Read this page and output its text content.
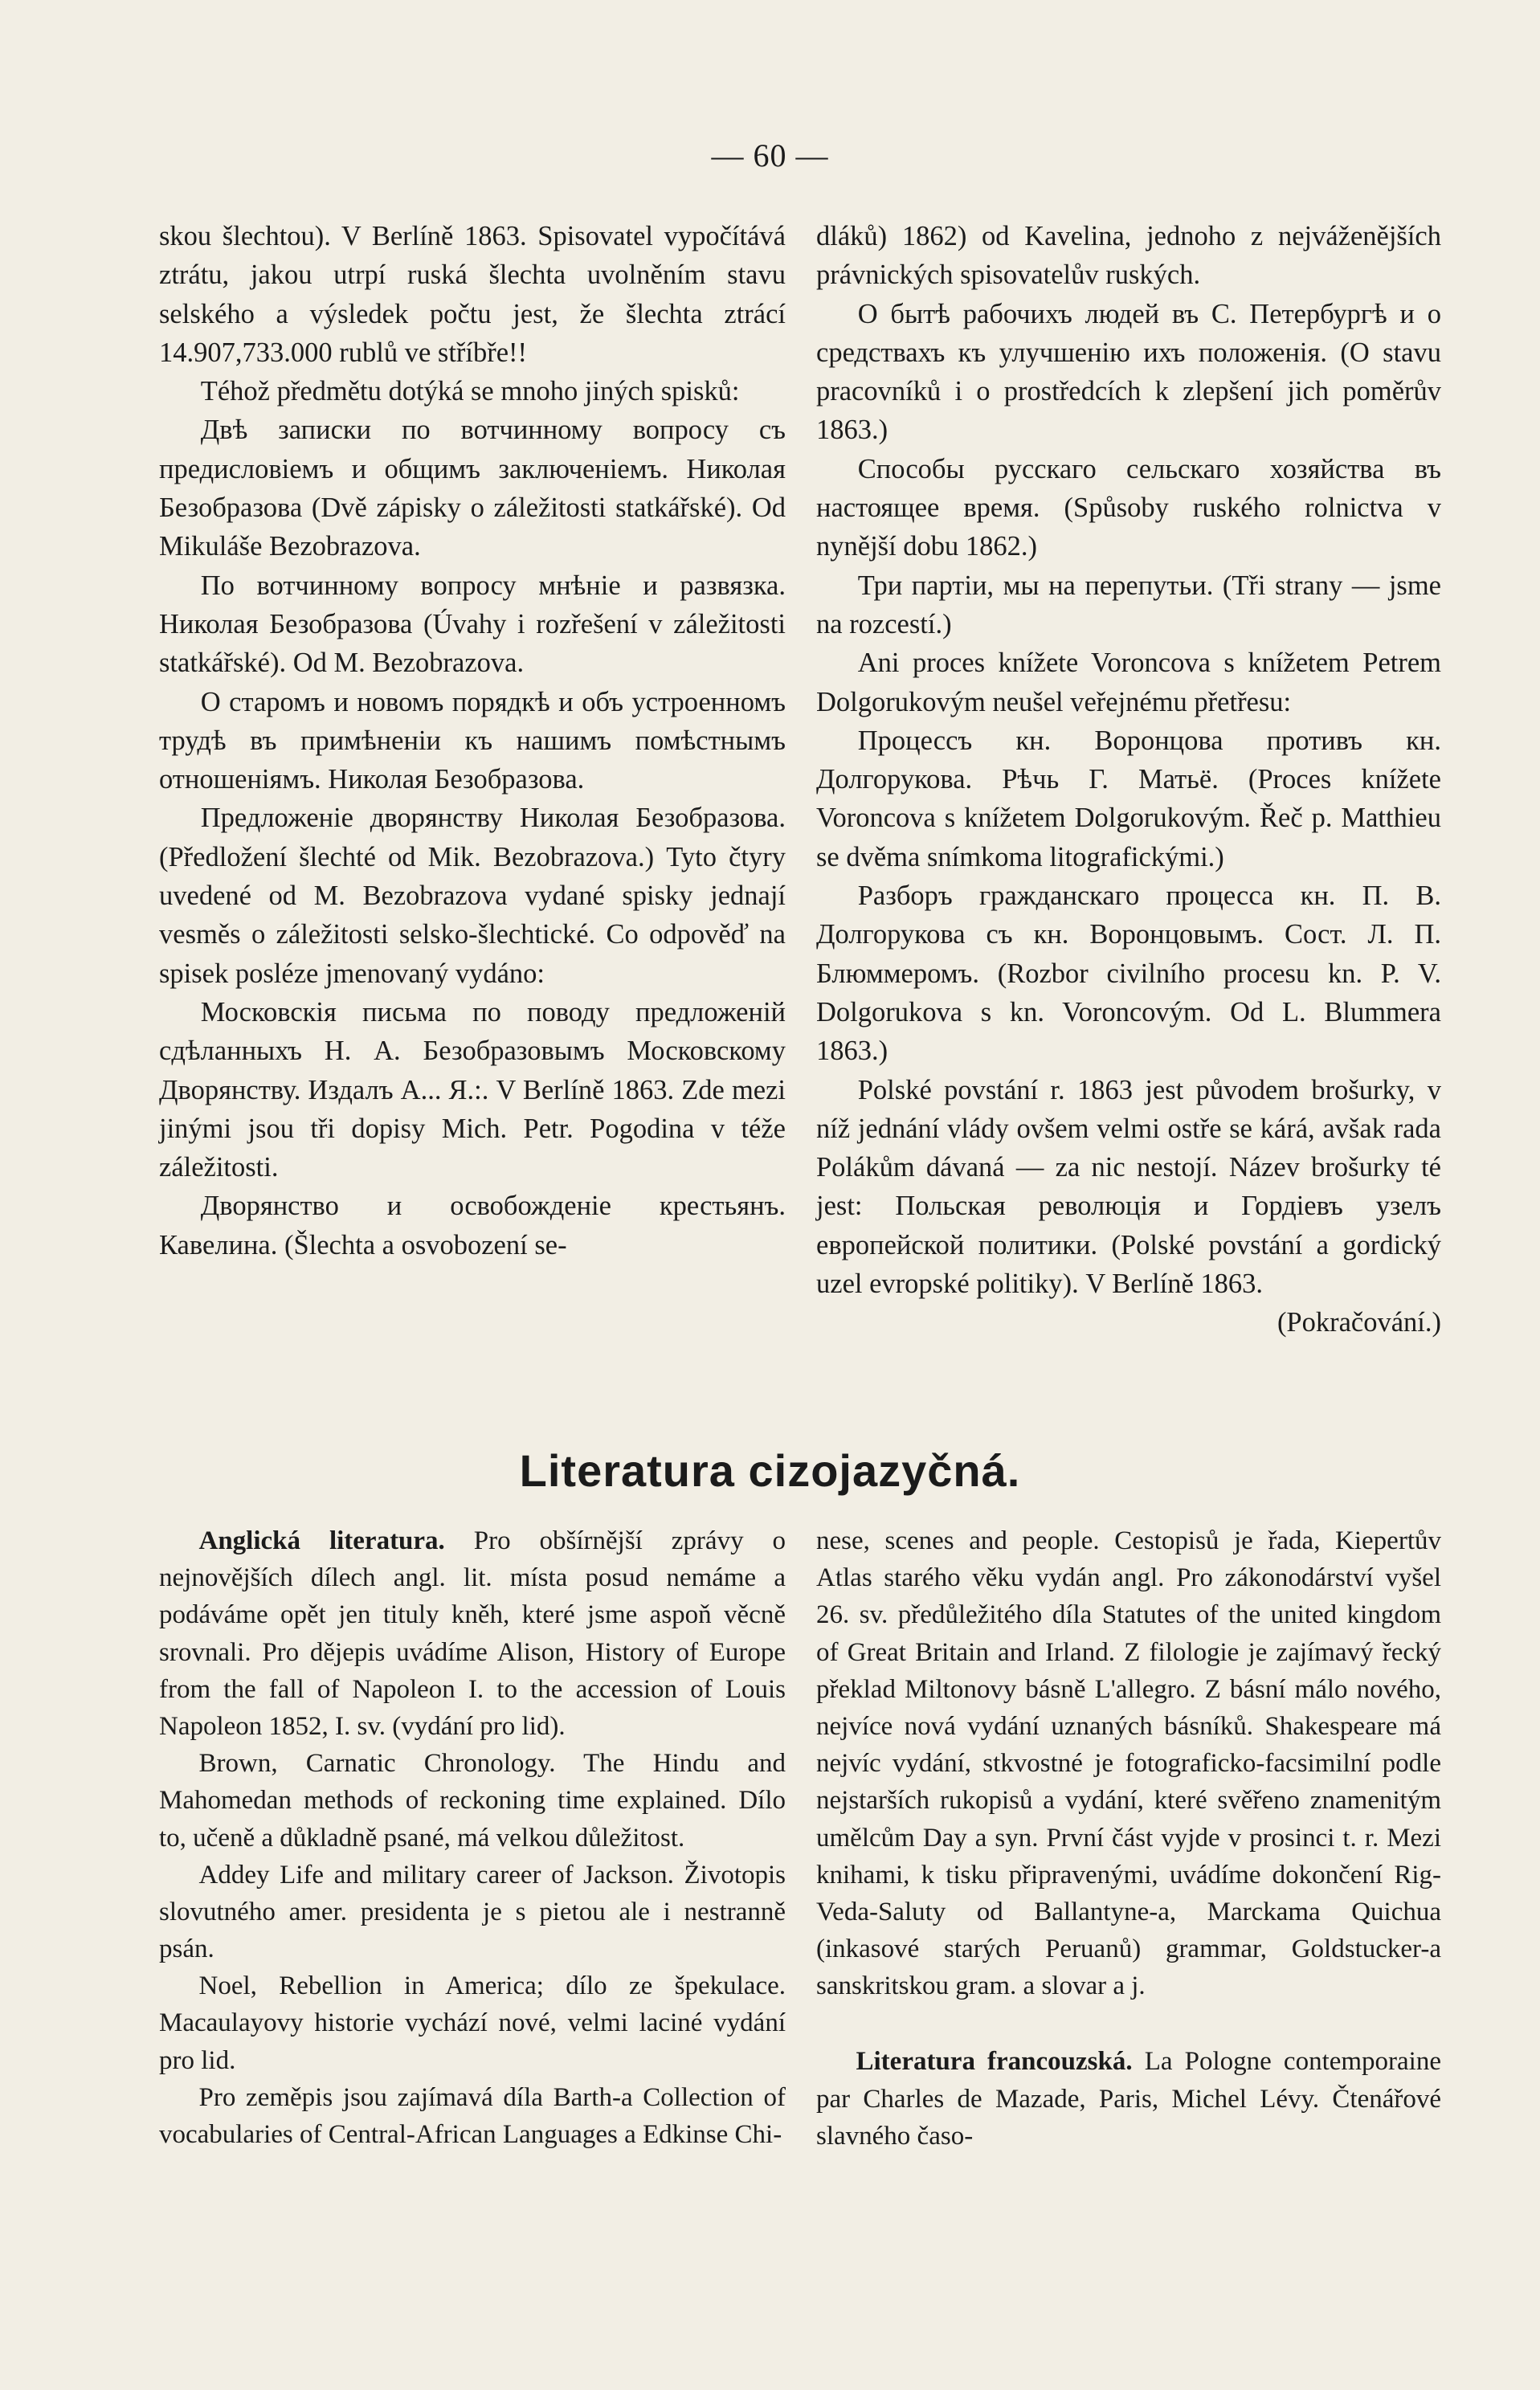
— 60 —

skou šlechtou). V Berlíně 1863. Spisovatel vypočítává ztrátu, jakou utrpí ruská šlechta uvolněním stavu selského a výsledek počtu jest, že šlechta ztrácí 14.907,733.000 rublů ve stříbře!!

Téhož předmětu dotýká se mnoho jiných spisků:

Двѣ записки по вотчинному вопросу съ предисловіемъ и общимъ заключеніемъ. Николая Безобразова (Dvě zápisky o záležitosti statkářské). Od Mikuláše Bezobrazova.

По вотчинному вопросу мнѣніе и развязка. Николая Безобразова (Úvahy i rozřešení v záležitosti statkářské). Od M. Bezobrazova.

О старомъ и новомъ порядкѣ и объ устроенномъ трудѣ въ примѣненіи къ нашимъ помѣстнымъ отношеніямъ. Николая Безобразова.

Предложеніе дворянству Николая Безобразова. (Předložení šlechté od Mik. Bezobrazova.) Tyto čtyry uvedené od M. Bezobrazova vydané spisky jednají vesměs o záležitosti selsko-šlechtické. Co odpověď na spisek posléze jmenovaný vydáno:

Московскія письма по поводу предложеній сдѣланныхъ Н. А. Безобразовымъ Московскому Дворянству. Издалъ А... Я.:. V Berlíně 1863. Zde mezi jinými jsou tři dopisy Mich. Petr. Pogodina v téže záležitosti.

Дворянство и освобожденіе крестьянъ. Кавелина. (Šlechta a osvobození se-

dláků) 1862) od Kavelina, jednoho z nejváženějších právnických spisovatelův ruských.

О бытѣ рабочихъ людей въ С. Петербургѣ и о средствахъ къ улучшенію ихъ положенія. (O stavu pracovníků i o prostředcích k zlepšení jich poměrův 1863.)

Способы русскаго сельскаго хозяйства въ настоящее время. (Spůsoby ruského rolnictva v nynější dobu 1862.)

Три партіи, мы на перепутьи. (Tři strany — jsme na rozcestí.)

Ani proces knížete Voroncova s knížetem Petrem Dolgorukovým neušel veřejnému přetřesu:

Процессъ кн. Воронцова противъ кн. Долгорукова. Рѣчь Г. Матьё. (Proces knížete Voroncova s knížetem Dolgorukovým. Řeč p. Matthieu se dvěma snímkoma litografickými.)

Разборъ гражданскаго процесса кн. П. В. Долгорукова съ кн. Воронцовымъ. Сост. Л. П. Блюммеромъ. (Rozbor civilního procesu kn. P. V. Dolgorukova s kn. Voroncovým. Od L. Blummera 1863.)

Polské povstání r. 1863 jest původem brošurky, v níž jednání vlády ovšem velmi ostře se kárá, avšak rada Polákům dávaná — za nic nestojí. Název brošurky té jest: Польская революція и Гордіевъ узелъ европейской политики. (Polské povstání a gordický uzel evropské politiky). V Berlíně 1863.
(Pokračování.)

Literatura cizojazyčná.

Anglická literatura. Pro obšírnější zprávy o nejnovějších dílech angl. lit. místa posud nemáme a podáváme opět jen tituly kněh, které jsme aspoň věcně srovnali. Pro dějepis uvádíme Alison, History of Europe from the fall of Napoleon I. to the accession of Louis Napoleon 1852, I. sv. (vydání pro lid).

Brown, Carnatic Chronology. The Hindu and Mahomedan methods of reckoning time explained. Dílo to, učeně a důkladně psané, má velkou důležitost.

Addey Life and military career of Jackson. Životopis slovutného amer. presidenta je s pietou ale i nestranně psán.

Noel, Rebellion in America; dílo ze špekulace. Macaulayovy historie vychází nové, velmi laciné vydání pro lid.

Pro zeměpis jsou zajímavá díla Barth-a Collection of vocabularies of Central-African Languages a Edkinse Chi-

nese, scenes and people. Cestopisů je řada, Kiepertův Atlas starého věku vydán angl. Pro zákonodárství vyšel 26. sv. předůležitého díla Statutes of the united kingdom of Great Britain and Irland. Z filologie je zajímavý řecký překlad Miltonovy básně L'allegro. Z básní málo nového, nejvíce nová vydání uznaných básníků. Shakespeare má nejvíc vydání, stkvostné je fotograficko-facsimilní podle nejstarších rukopisů a vydání, které svěřeno znamenitým umělcům Day a syn. První část vyjde v prosinci t. r. Mezi knihami, k tisku připravenými, uvádíme dokončení Rig-Veda-Saluty od Ballantyne-a, Marckama Quichua (inkasové starých Peruanů) grammar, Goldstucker-a sanskritskou gram. a slovar a j.

Literatura francouzská. La Pologne contemporaine par Charles de Mazade, Paris, Michel Lévy. Čtenářové slavného časo-
